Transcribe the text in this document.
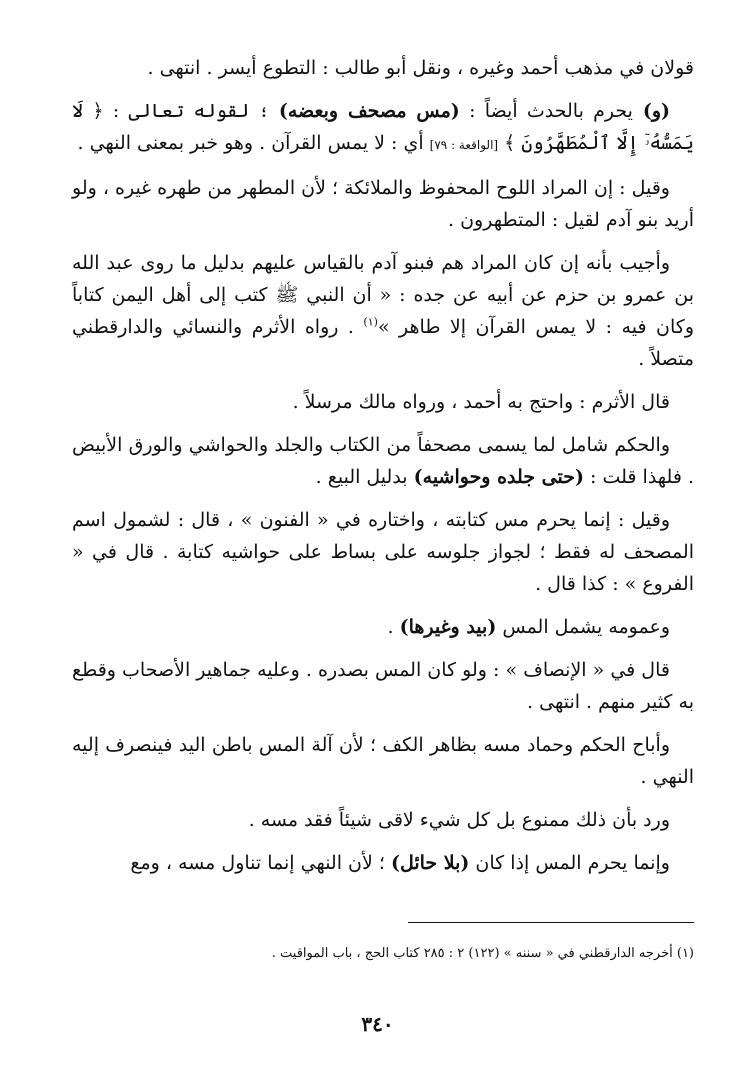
قولان في مذهب أحمد وغيره ، ونقل أبو طالب : التطوع أيسر . انتهى .

(و) يحرم بالحدث أيضاً : (مس مصحف وبعضه) ؛ لقوله تعالى : ﴿ لَا يَمَسُّهُۥٓ إِلَّا ٱلْمُطَهَّرُونَ ﴾ [الواقعة : ٧٩] أي : لا يمس القرآن . وهو خبر بمعنى النهي .

وقيل : إن المراد اللوح المحفوظ والملائكة ؛ لأن المطهر من طهره غيره ، ولو أريد بنو آدم لقيل : المتطهرون .

وأجيب بأنه إن كان المراد هم فبنو آدم بالقياس عليهم بدليل ما روى عبد الله بن عمرو بن حزم عن أبيه عن جده : « أن النبي ﷺ كتب إلى أهل اليمن كتاباً وكان فيه : لا يمس القرآن إلا طاهر »$^{(١)}$ . رواه الأثرم والنسائي والدارقطني متصلاً .

قال الأثرم : واحتج به أحمد ، ورواه مالك مرسلاً .

والحكم شامل لما يسمى مصحفاً من الكتاب والجلد والحواشي والورق الأبيض . فلهذا قلت : (حتى جلده وحواشيه) بدليل البيع .

وقيل : إنما يحرم مس كتابته ، واختاره في « الفنون » ، قال : لشمول اسم المصحف له فقط ؛ لجواز جلوسه على بساط على حواشيه كتابة . قال في « الفروع » : كذا قال .

وعمومه يشمل المس (بيد وغيرها) .

قال في « الإنصاف » : ولو كان المس بصدره . وعليه جماهير الأصحاب وقطع به كثير منهم . انتهى .

وأباح الحكم وحماد مسه بظاهر الكف ؛ لأن آلة المس باطن اليد فينصرف إليه النهي .

ورد بأن ذلك ممنوع بل كل شيء لاقى شيئاً فقد مسه .

وإنما يحرم المس إذا كان (بلا حائل) ؛ لأن النهي إنما تناول مسه ، ومع

(١) أخرجه الدارقطني في « سننه » (١٢٢) ٢ : ٢٨٥ كتاب الحج ، باب المواقيت .
٣٤٠
